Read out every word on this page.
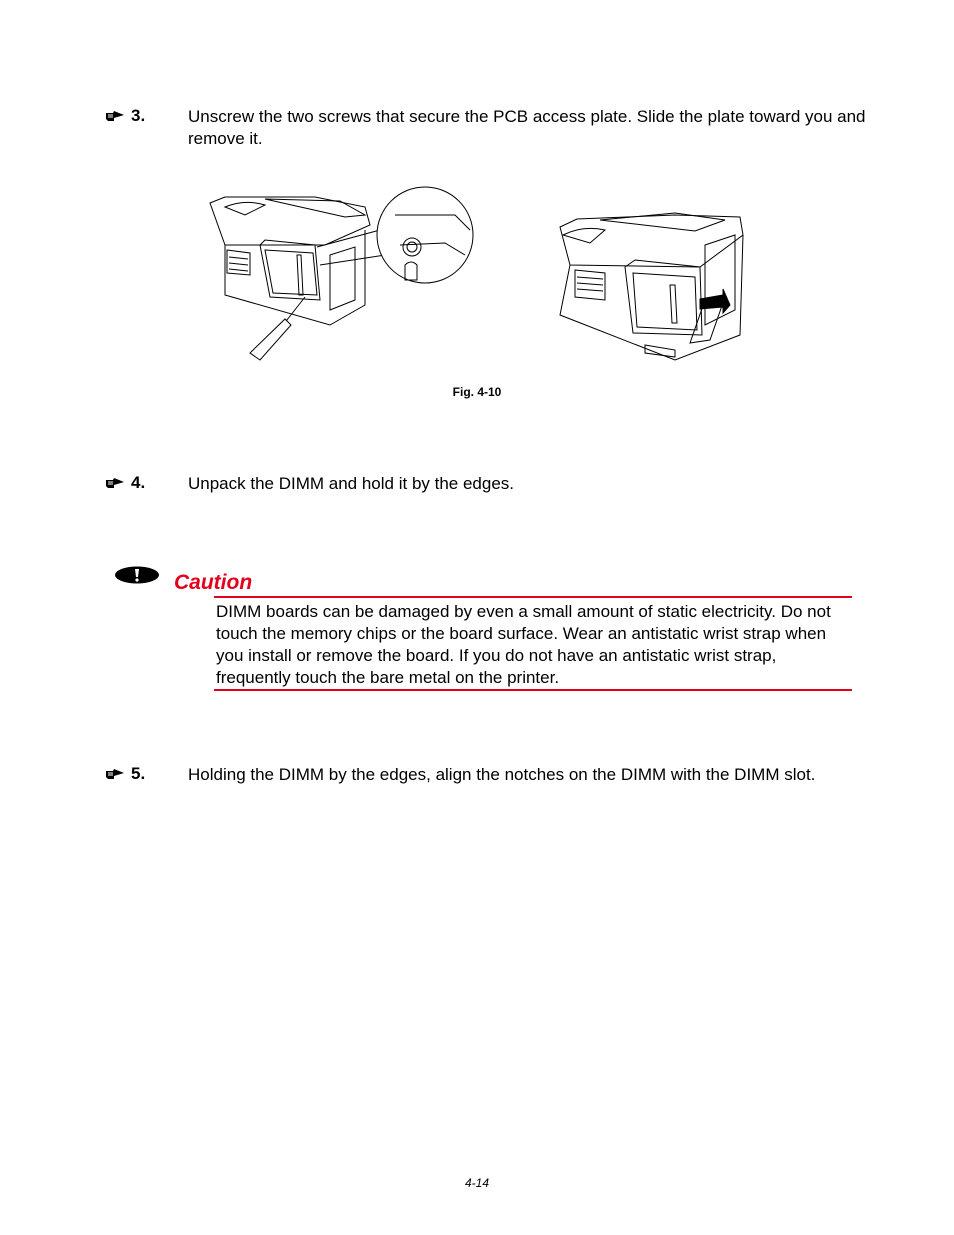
3.	Unscrew the two screws that secure the PCB access plate. Slide the plate toward you and remove it.
Fig. 4-10
4.	Unpack the DIMM and hold it by the edges.
Caution
DIMM boards can be damaged by even a small amount of static electricity. Do not touch the memory chips or the board surface. Wear an antistatic wrist strap when you install or remove the board. If you do not have an antistatic wrist strap, frequently touch the bare metal on the printer.
5.	Holding the DIMM by the edges, align the notches on the DIMM with the DIMM slot.
4-14
